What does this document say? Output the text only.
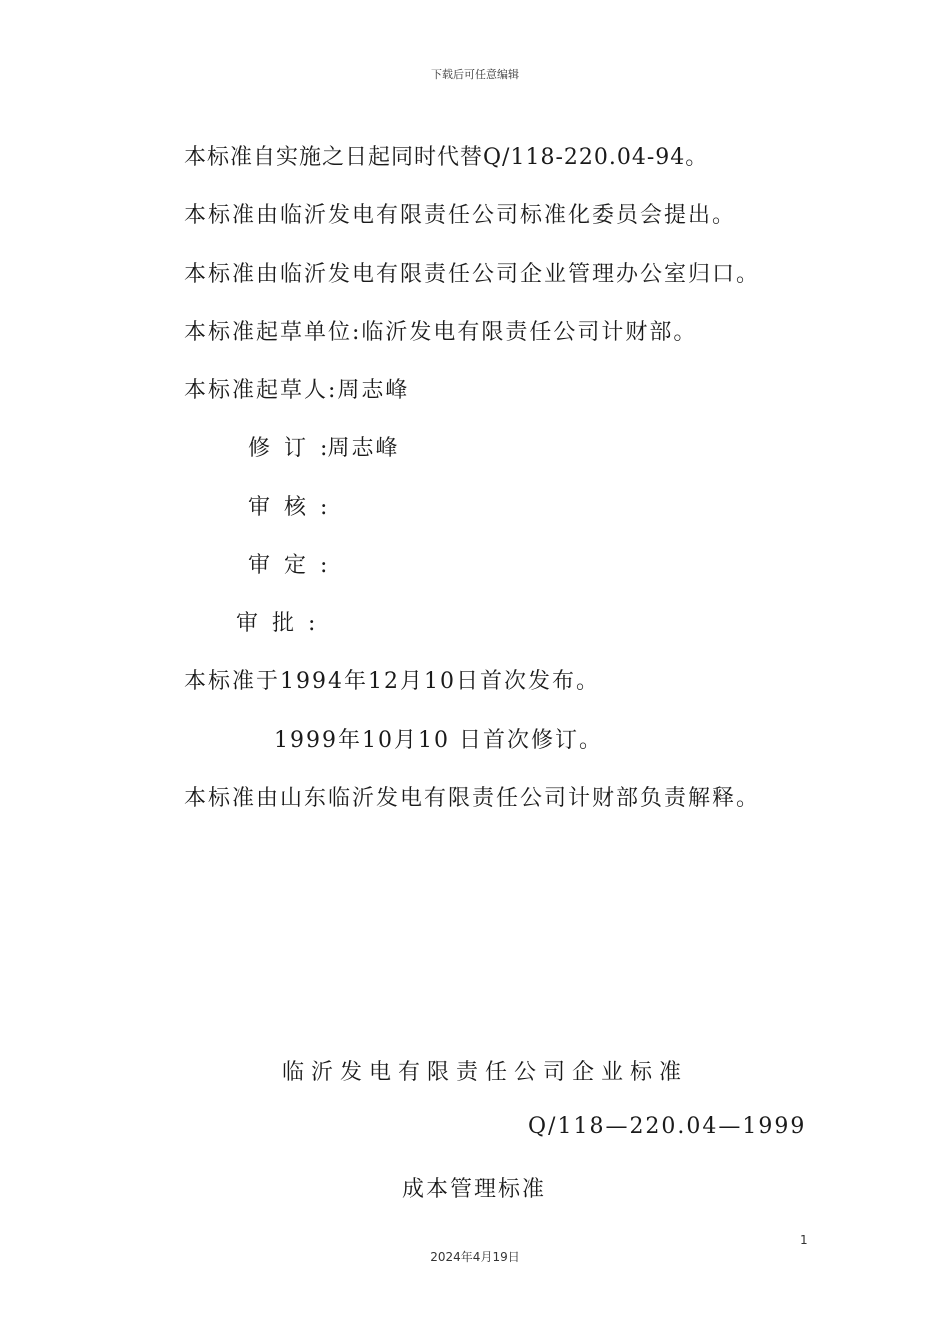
下载后可任意编辑
本标准自实施之日起同时代替Q/118-220.04-94。
本标准由临沂发电有限责任公司标准化委员会提出。
本标准由临沂发电有限责任公司企业管理办公室归口。
本标准起草单位:临沂发电有限责任公司计财部。
本标准起草人:周志峰
修订:周志峰
审核:
审定:
审批:
本标准于1994年12月10日首次发布。
1999年10月10 日首次修订。
本标准由山东临沂发电有限责任公司计财部负责解释。
临沂发电有限责任公司企业标准
Q/118—220.04—1999
成本管理标准
1
2024年4月19日
